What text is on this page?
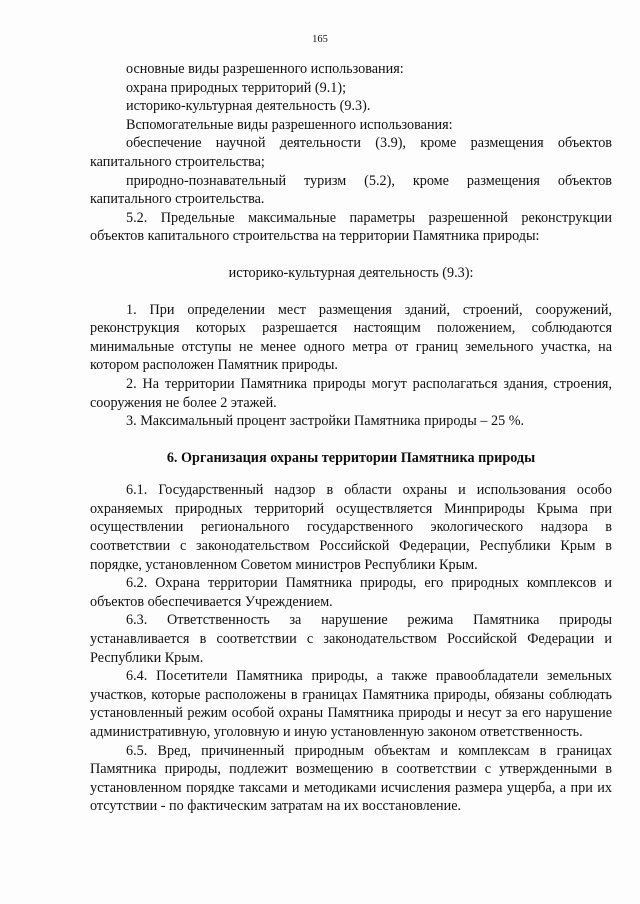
165

основные виды разрешенного использования:

охрана природных территорий (9.1);

историко-культурная деятельность (9.3).

Вспомогательные виды разрешенного использования:

обеспечение научной деятельности (3.9), кроме размещения объектов капитального строительства;

природно-познавательный туризм (5.2), кроме размещения объектов капитального строительства.

5.2. Предельные максимальные параметры разрешенной реконструкции объектов капитального строительства на территории Памятника природы:

историко-культурная деятельность (9.3):

1. При определении мест размещения зданий, строений, сооружений, реконструкция которых разрешается настоящим положением, соблюдаются минимальные отступы не менее одного метра от границ земельного участка, на котором расположен Памятник природы.

2. На территории Памятника природы могут располагаться здания, строения, сооружения не более 2 этажей.

3. Максимальный процент застройки Памятника природы – 25 %.

6. Организация охраны территории Памятника природы

6.1. Государственный надзор в области охраны и использования особо охраняемых природных территорий осуществляется Минприроды Крыма при осуществлении регионального государственного экологического надзора в соответствии с законодательством Российской Федерации, Республики Крым в порядке, установленном Советом министров Республики Крым.

6.2. Охрана территории Памятника природы, его природных комплексов и объектов обеспечивается Учреждением.

6.3. Ответственность за нарушение режима Памятника природы устанавливается в соответствии с законодательством Российской Федерации и Республики Крым.

6.4. Посетители Памятника природы, а также правообладатели земельных участков, которые расположены в границах Памятника природы, обязаны соблюдать установленный режим особой охраны Памятника природы и несут за его нарушение административную, уголовную и иную установленную законом ответственность.

6.5. Вред, причиненный природным объектам и комплексам в границах Памятника природы, подлежит возмещению в соответствии с утвержденными в установленном порядке таксами и методиками исчисления размера ущерба, а при их отсутствии - по фактическим затратам на их восстановление.
